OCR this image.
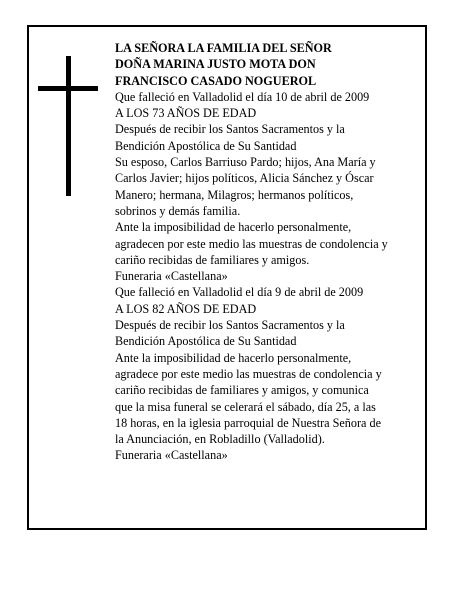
LA SEÑORA LA FAMILIA DEL SEÑOR

DOÑA MARINA JUSTO MOTA DON

FRANCISCO CASADO NOGUEROL

Que falleció en Valladolid el día 10 de abril de 2009

A LOS 73 AÑOS DE EDAD

Después de recibir los Santos Sacramentos y la

Bendición Apostólica de Su Santidad

Su esposo, Carlos Barriuso Pardo; hijos, Ana María y

Carlos Javier; hijos políticos, Alicia Sánchez y Óscar

Manero; hermana, Milagros; hermanos políticos,

sobrinos y demás familia.

Ante la imposibilidad de hacerlo personalmente,

agradecen por este medio las muestras de condolencia y

cariño recibidas de familiares y amigos.

Funeraria «Castellana»

Que falleció en Valladolid el día 9 de abril de 2009

A LOS 82 AÑOS DE EDAD

Después de recibir los Santos Sacramentos y la

Bendición Apostólica de Su Santidad

Ante la imposibilidad de hacerlo personalmente,

agradece por este medio las muestras de condolencia y

cariño recibidas de familiares y amigos, y comunica

que la misa funeral se celerará el sábado, día 25, a las

18 horas, en la iglesia parroquial de Nuestra Señora de

la Anunciación, en Robladillo (Valladolid).

Funeraria «Castellana»
